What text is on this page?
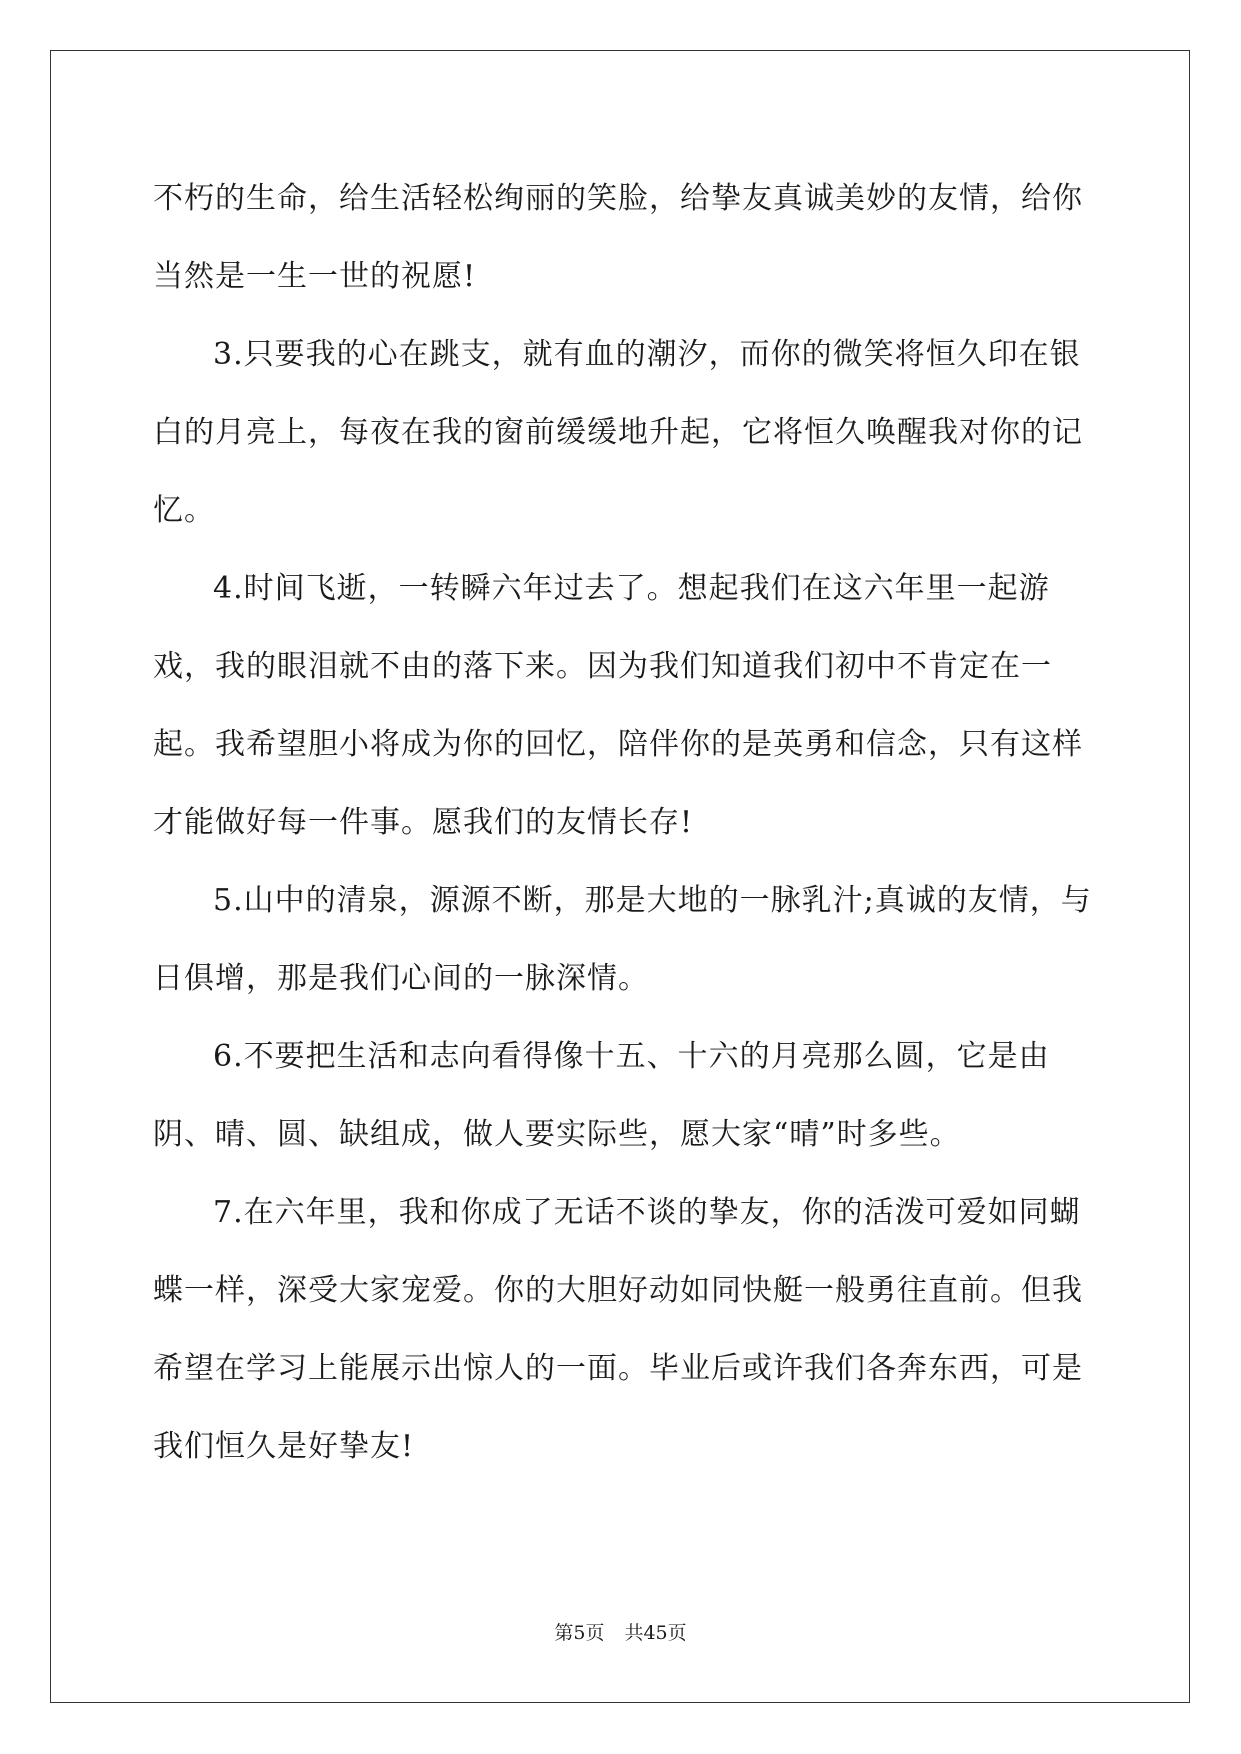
不朽的生命，给生活轻松绚丽的笑脸，给挚友真诚美妙的友情，给你当然是一生一世的祝愿!

3.只要我的心在跳支，就有血的潮汐，而你的微笑将恒久印在银白的月亮上，每夜在我的窗前缓缓地升起，它将恒久唤醒我对你的记忆。

4.时间飞逝，一转瞬六年过去了。想起我们在这六年里一起游戏，我的眼泪就不由的落下来。因为我们知道我们初中不肯定在一起。我希望胆小将成为你的回忆，陪伴你的是英勇和信念，只有这样才能做好每一件事。愿我们的友情长存!

5.山中的清泉，源源不断，那是大地的一脉乳汁;真诚的友情，与日俱增，那是我们心间的一脉深情。

6.不要把生活和志向看得像十五、十六的月亮那么圆，它是由阴、晴、圆、缺组成，做人要实际些，愿大家“晴”时多些。

7.在六年里，我和你成了无话不谈的挚友，你的活泼可爱如同蝴蝶一样，深受大家宠爱。你的大胆好动如同快艇一般勇往直前。但我希望在学习上能展示出惊人的一面。毕业后或许我们各奔东西，可是我们恒久是好挚友!

第5页 共45页
